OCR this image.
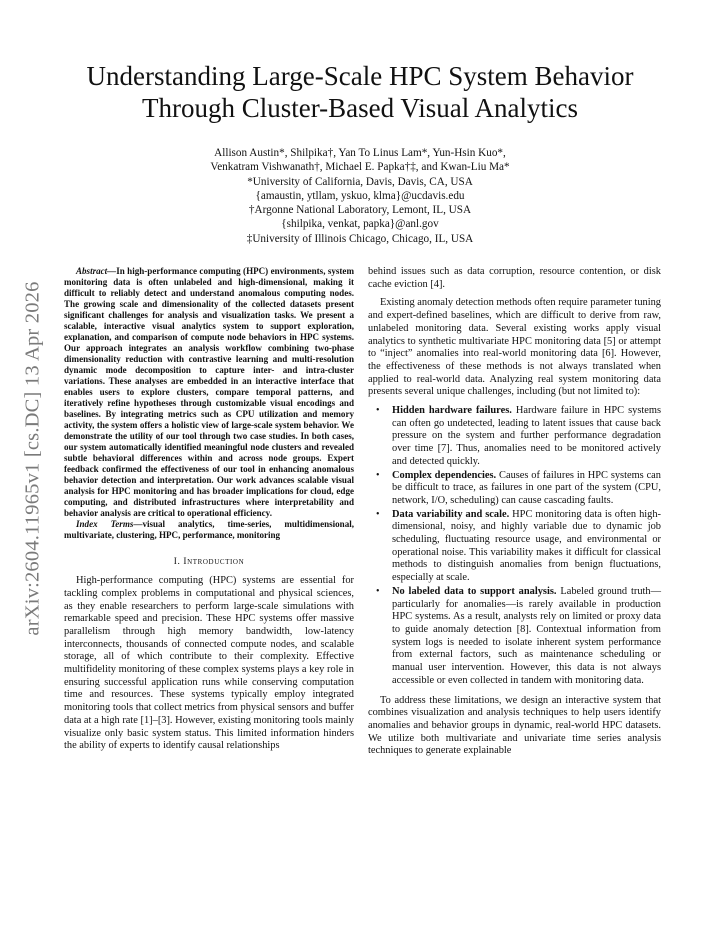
arXiv:2604.11965v1 [cs.DC] 13 Apr 2026
Understanding Large-Scale HPC System Behavior Through Cluster-Based Visual Analytics
Allison Austin*, Shilpika†, Yan To Linus Lam*, Yun-Hsin Kuo*,
Venkatram Vishwanath†, Michael E. Papka†‡, and Kwan-Liu Ma*
*University of California, Davis, Davis, CA, USA
{amaustin, ytllam, yskuo, klma}@ucdavis.edu
†Argonne National Laboratory, Lemont, IL, USA
{shilpika, venkat, papka}@anl.gov
‡University of Illinois Chicago, Chicago, IL, USA

Abstract—In high-performance computing (HPC) environments, system monitoring data is often unlabeled and high-dimensional, making it difficult to reliably detect and understand anomalous computing nodes. The growing scale and dimensionality of the collected datasets present significant challenges for analysis and visualization tasks. We present a scalable, interactive visual analytics system to support exploration, explanation, and comparison of compute node behaviors in HPC systems. Our approach integrates an analysis workflow combining two-phase dimensionality reduction with contrastive learning and multi-resolution dynamic mode decomposition to capture inter- and intra-cluster variations. These analyses are embedded in an interactive interface that enables users to explore clusters, compare temporal patterns, and iteratively refine hypotheses through customizable visual encodings and baselines. By integrating metrics such as CPU utilization and memory activity, the system offers a holistic view of large-scale system behavior. We demonstrate the utility of our tool through two case studies. In both cases, our system automatically identified meaningful node clusters and revealed subtle behavioral differences within and across node groups. Expert feedback confirmed the effectiveness of our tool in enhancing anomalous behavior detection and interpretation. Our work advances scalable visual analysis for HPC monitoring and has broader implications for cloud, edge computing, and distributed infrastructures where interpretability and behavior analysis are critical to operational efficiency.

Index Terms—visual analytics, time-series, multidimensional, multivariate, clustering, HPC, performance, monitoring

I. Introduction

High-performance computing (HPC) systems are essential for tackling complex problems in computational and physical sciences, as they enable researchers to perform large-scale simulations with remarkable speed and precision. These HPC systems offer massive parallelism through high memory bandwidth, low-latency interconnects, thousands of connected compute nodes, and scalable storage, all of which contribute to their complexity. Effective multifidelity monitoring of these complex systems plays a key role in ensuring successful application runs while conserving computation time and resources. These systems typically employ integrated monitoring tools that collect metrics from physical sensors and buffer data at a high rate [1]–[3]. However, existing monitoring tools mainly visualize only basic system status. This limited information hinders the ability of experts to identify causal relationships

behind issues such as data corruption, resource contention, or disk cache eviction [4].

Existing anomaly detection methods often require parameter tuning and expert-defined baselines, which are difficult to derive from raw, unlabeled monitoring data. Several existing works apply visual analytics to synthetic multivariate HPC monitoring data [5] or attempt to “inject” anomalies into real-world monitoring data [6]. However, the effectiveness of these methods is not always translated when applied to real-world data. Analyzing real system monitoring data presents several unique challenges, including (but not limited to):

• Hidden hardware failures. Hardware failure in HPC systems can often go undetected, leading to latent issues that cause back pressure on the system and further performance degradation over time [7]. Thus, anomalies need to be monitored actively and detected quickly.
• Complex dependencies. Causes of failures in HPC systems can be difficult to trace, as failures in one part of the system (CPU, network, I/O, scheduling) can cause cascading faults.
• Data variability and scale. HPC monitoring data is often high-dimensional, noisy, and highly variable due to dynamic job scheduling, fluctuating resource usage, and environmental or operational noise. This variability makes it difficult for classical methods to distinguish anomalies from benign fluctuations, especially at scale.
• No labeled data to support analysis. Labeled ground truth—particularly for anomalies—is rarely available in production HPC systems. As a result, analysts rely on limited or proxy data to guide anomaly detection [8]. Contextual information from system logs is needed to isolate inherent system performance from external factors, such as maintenance scheduling or manual user intervention. However, this data is not always accessible or even collected in tandem with monitoring data.

To address these limitations, we design an interactive system that combines visualization and analysis techniques to help users identify anomalies and behavior groups in dynamic, real-world HPC datasets. We utilize both multivariate and univariate time series analysis techniques to generate explainable
